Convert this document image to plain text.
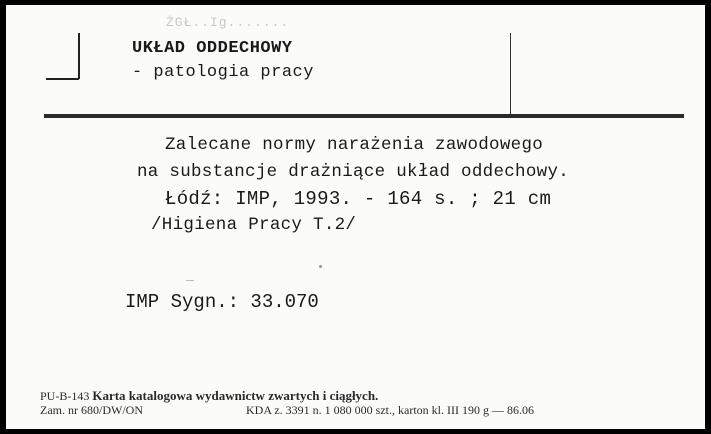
ŻGŁ..Ig.......
UKŁAD ODDECHOWY
- patologia pracy
Zalecane normy narażenia zawodowego
na substancje drażniące układ oddechowy.
Łódź: IMP, 1993. - 164 s. ; 21 cm
/Higiena Pracy T.2/
IMP Sygn.: 33.070
PU-B-143 Karta katalogowa wydawnictw zwartych i ciągłych.
Zam. nr 680/DW/ON	KDA z. 3391 n. 1 080 000 szt., karton kl. III 190 g — 86.06
